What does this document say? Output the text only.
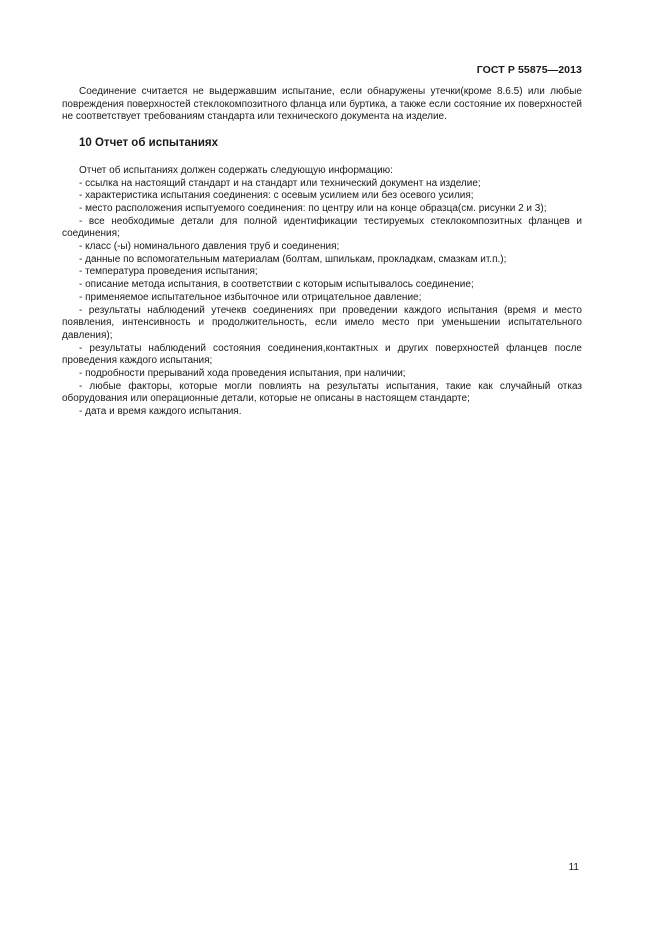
ГОСТ Р 55875—2013

Соединение считается не выдержавшим испытание, если обнаружены утечки(кроме 8.6.5) или любые повреждения поверхностей стеклокомпозитного фланца или буртика, а также если состояние их поверхностей не соответствует требованиям стандарта или технического документа на изделие.

10 Отчет об испытаниях

Отчет об испытаниях должен содержать следующую информацию:

- ссылка на настоящий стандарт и на стандарт или технический документ на изделие;

- характеристика испытания соединения: с осевым усилием или без осевого усилия;

- место расположения испытуемого соединения: по центру или на конце образца(см. рисунки 2 и 3);

- все необходимые детали для полной идентификации тестируемых стеклокомпозитных фланцев и соединения;

- класс (-ы) номинального давления труб и соединения;

- данные по вспомогательным материалам (болтам, шпилькам, прокладкам, смазкам ит.п.);

- температура проведения испытания;

- описание метода испытания, в соответствии с которым испытывалось соединение;

- применяемое испытательное избыточное или отрицательное давление;

- результаты наблюдений утечекв соединениях при проведении каждого испытания (время и место появления, интенсивность и продолжительность, если имело место при уменьшении испытательного давления);

- результаты наблюдений состояния соединения,контактных и других поверхностей фланцев после проведения каждого испытания;

- подробности прерываний хода проведения испытания, при наличии;

- любые факторы, которые могли повлиять на результаты испытания, такие как случайный отказ оборудования или операционные детали, которые не описаны в настоящем стандарте;

- дата и время каждого испытания.

11
